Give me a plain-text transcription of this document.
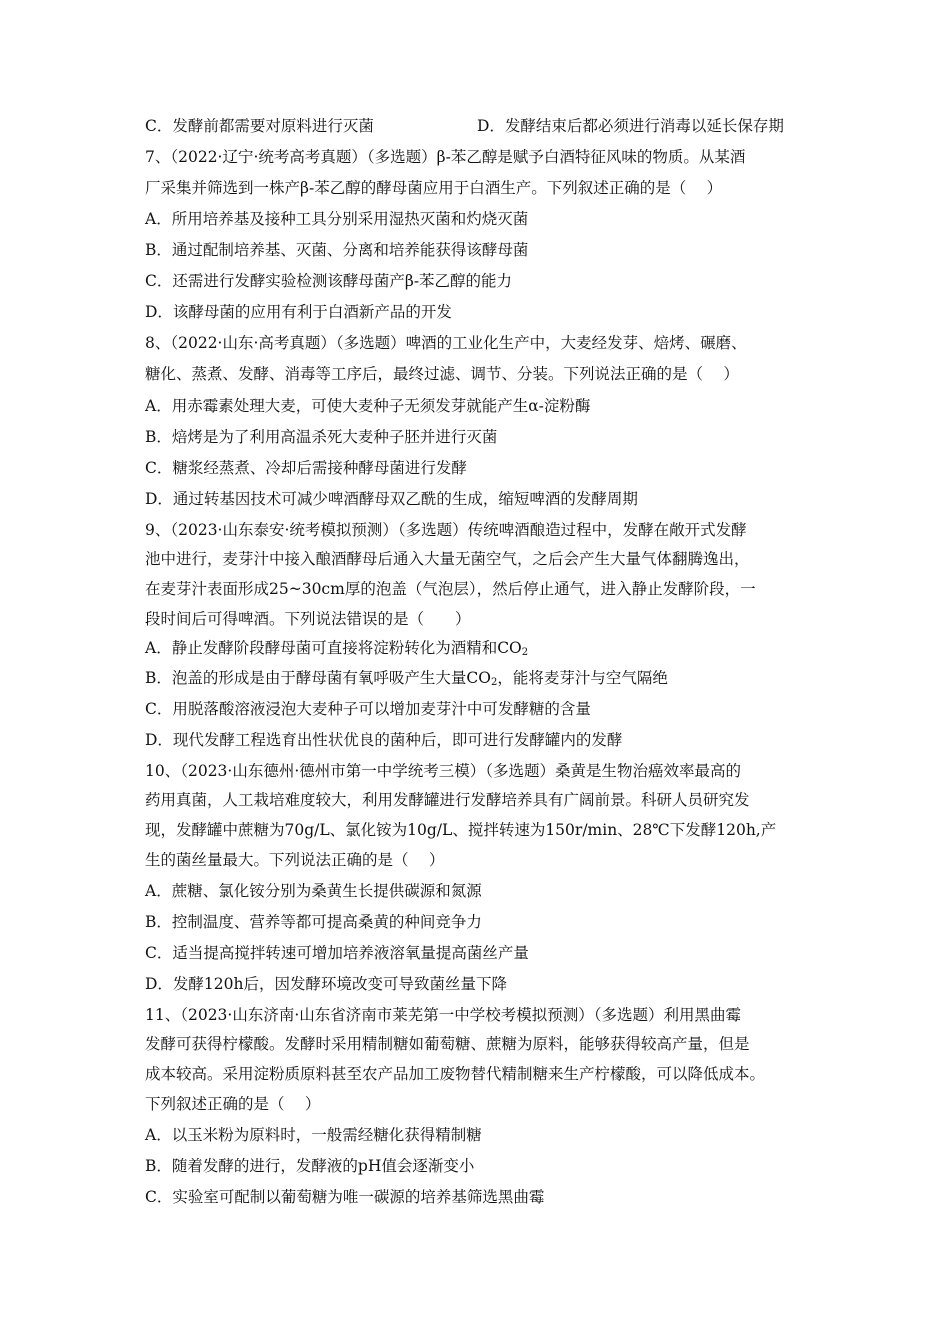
C．发酵前都需要对原料进行灭菌	D．发酵结束后都必须进行消毒以延长保存期
7、（2022·辽宁·统考高考真题）（多选题）β-苯乙醇是赋予白酒特征风味的物质。从某酒
厂采集并筛选到一株产β-苯乙醇的酵母菌应用于白酒生产。下列叙述正确的是（　 ）
A．所用培养基及接种工具分别采用湿热灭菌和灼烧灭菌
B．通过配制培养基、灭菌、分离和培养能获得该酵母菌
C．还需进行发酵实验检测该酵母菌产β-苯乙醇的能力
D．该酵母菌的应用有利于白酒新产品的开发
8、（2022·山东·高考真题）（多选题）啤酒的工业化生产中，大麦经发芽、焙烤、碾磨、
糖化、蒸煮、发酵、消毒等工序后，最终过滤、调节、分装。下列说法正确的是（　 ）
A．用赤霉素处理大麦，可使大麦种子无须发芽就能产生α-淀粉酶
B．焙烤是为了利用高温杀死大麦种子胚并进行灭菌
C．糖浆经蒸煮、冷却后需接种酵母菌进行发酵
D．通过转基因技术可减少啤酒酵母双乙酰的生成，缩短啤酒的发酵周期
9、（2023·山东泰安·统考模拟预测）（多选题）传统啤酒酿造过程中，发酵在敞开式发酵
池中进行，麦芽汁中接入酿酒酵母后通入大量无菌空气，之后会产生大量气体翻腾逸出，
在麦芽汁表面形成25~30cm厚的泡盖（气泡层），然后停止通气，进入静止发酵阶段，一
段时间后可得啤酒。下列说法错误的是（　　）
A．静止发酵阶段酵母菌可直接将淀粉转化为酒精和$CO_2$
B．泡盖的形成是由于酵母菌有氧呼吸产生大量$CO_2$，能将麦芽汁与空气隔绝
C．用脱落酸溶液浸泡大麦种子可以增加麦芽汁中可发酵糖的含量
D．现代发酵工程选育出性状优良的菌种后，即可进行发酵罐内的发酵
10、（2023·山东德州·德州市第一中学统考三模）（多选题）桑黄是生物治癌效率最高的
药用真菌，人工栽培难度较大，利用发酵罐进行发酵培养具有广阔前景。科研人员研究发
现，发酵罐中蔗糖为70g/L、氯化铵为10g/L、搅拌转速为150r/min、28℃下发酵120h,产
生的菌丝量最大。下列说法正确的是（　 ）
A．蔗糖、氯化铵分别为桑黄生长提供碳源和氮源
B．控制温度、营养等都可提高桑黄的种间竞争力
C．适当提高搅拌转速可增加培养液溶氧量提高菌丝产量
D．发酵120h后，因发酵环境改变可导致菌丝量下降
11、（2023·山东济南·山东省济南市莱芜第一中学校考模拟预测）（多选题）利用黑曲霉
发酵可获得柠檬酸。发酵时采用精制糖如葡萄糖、蔗糖为原料，能够获得较高产量，但是
成本较高。采用淀粉质原料甚至农产品加工废物替代精制糖来生产柠檬酸，可以降低成本。
下列叙述正确的是（　 ）
A．以玉米粉为原料时，一般需经糖化获得精制糖
B．随着发酵的进行，发酵液的pH值会逐渐变小
C．实验室可配制以葡萄糖为唯一碳源的培养基筛选黑曲霉
